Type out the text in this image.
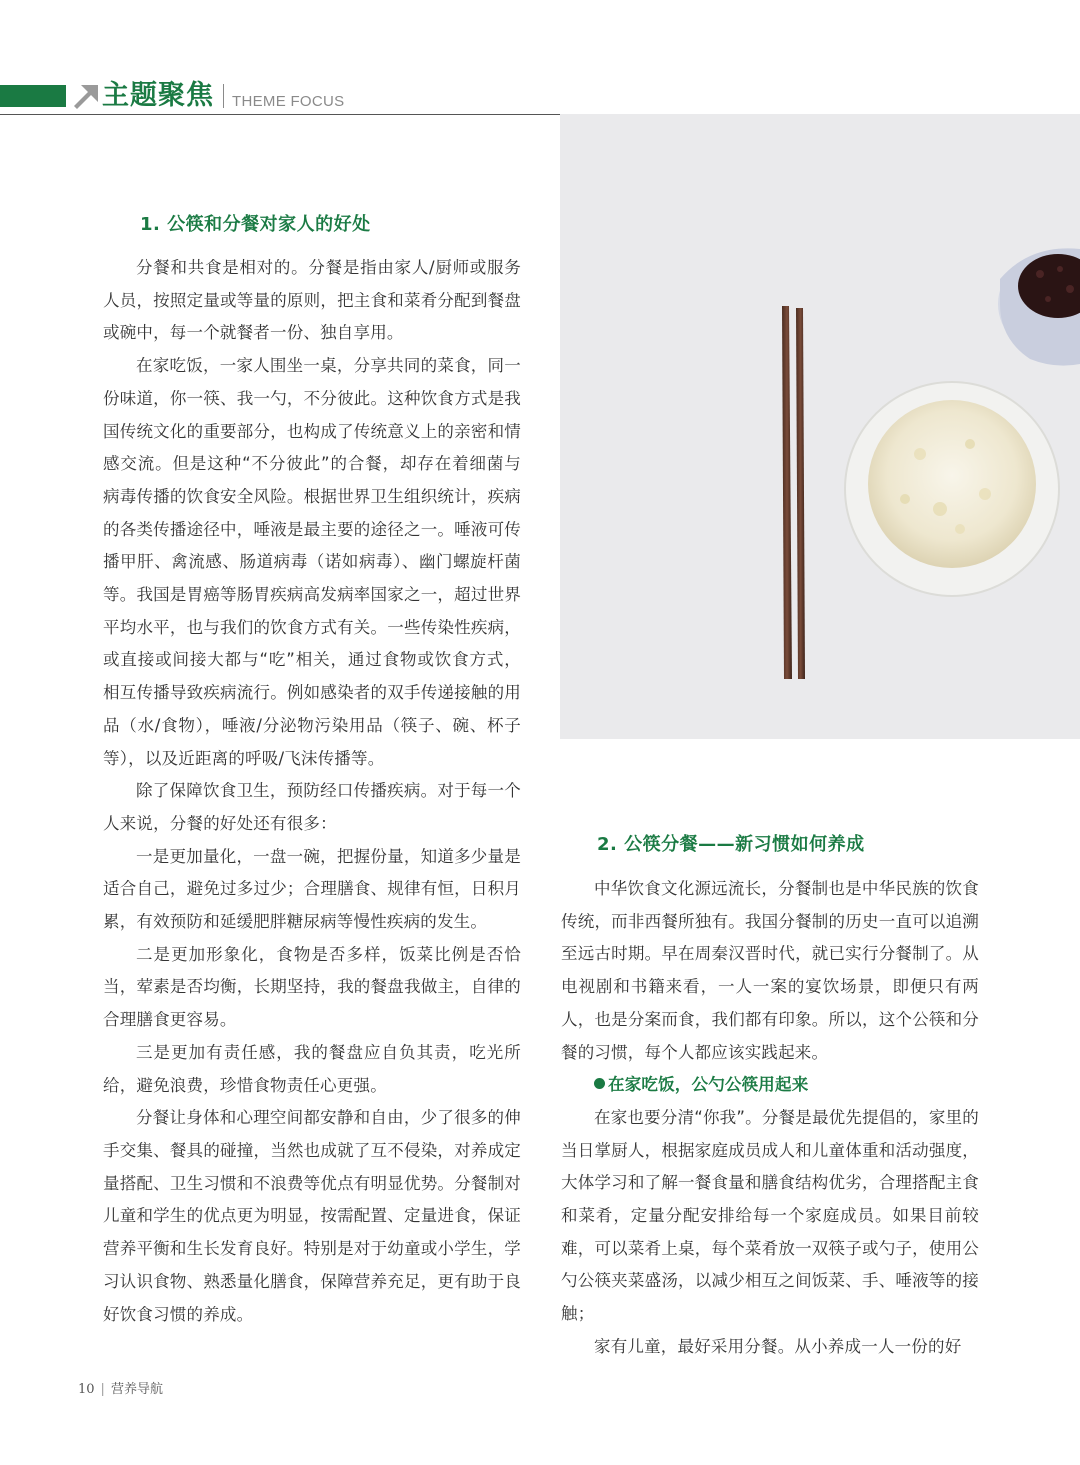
主题聚焦 THEME FOCUS
1. 公筷和分餐对家人的好处

分餐和共食是相对的。分餐是指由家人/厨师或服务人员，按照定量或等量的原则，把主食和菜肴分配到餐盘或碗中，每一个就餐者一份、独自享用。

在家吃饭，一家人围坐一桌，分享共同的菜食，同一份味道，你一筷、我一勺，不分彼此。这种饮食方式是我国传统文化的重要部分，也构成了传统意义上的亲密和情感交流。但是这种“不分彼此”的合餐，却存在着细菌与病毒传播的饮食安全风险。根据世界卫生组织统计，疾病的各类传播途径中，唾液是最主要的途径之一。唾液可传播甲肝、禽流感、肠道病毒（诺如病毒）、幽门螺旋杆菌等。我国是胃癌等肠胃疾病高发病率国家之一，超过世界平均水平，也与我们的饮食方式有关。一些传染性疾病，或直接或间接大都与“吃”相关，通过食物或饮食方式，相互传播导致疾病流行。例如感染者的双手传递接触的用品（水/食物），唾液/分泌物污染用品（筷子、碗、杯子等），以及近距离的呼吸/飞沫传播等。

除了保障饮食卫生，预防经口传播疾病。对于每一个人来说，分餐的好处还有很多：

一是更加量化，一盘一碗，把握份量，知道多少量是适合自己，避免过多过少；合理膳食、规律有恒，日积月累，有效预防和延缓肥胖糖尿病等慢性疾病的发生。

二是更加形象化，食物是否多样，饭菜比例是否恰当，荤素是否均衡，长期坚持，我的餐盘我做主，自律的合理膳食更容易。

三是更加有责任感，我的餐盘应自负其责，吃光所给，避免浪费，珍惜食物责任心更强。

分餐让身体和心理空间都安静和自由，少了很多的伸手交集、餐具的碰撞，当然也成就了互不侵染，对养成定量搭配、卫生习惯和不浪费等优点有明显优势。分餐制对儿童和学生的优点更为明显，按需配置、定量进食，保证营养平衡和生长发育良好。特别是对于幼童或小学生，学习认识食物、熟悉量化膳食，保障营养充足，更有助于良好饮食习惯的养成。

2. 公筷分餐——新习惯如何养成

中华饮食文化源远流长，分餐制也是中华民族的饮食传统，而非西餐所独有。我国分餐制的历史一直可以追溯至远古时期。早在周秦汉晋时代，就已实行分餐制了。从电视剧和书籍来看，一人一案的宴饮场景，即便只有两人，也是分案而食，我们都有印象。所以，这个公筷和分餐的习惯，每个人都应该实践起来。

在家吃饭，公勺公筷用起来

在家也要分清“你我”。分餐是最优先提倡的，家里的当日掌厨人，根据家庭成员成人和儿童体重和活动强度，大体学习和了解一餐食量和膳食结构优劣，合理搭配主食和菜肴，定量分配安排给每一个家庭成员。如果目前较难，可以菜肴上桌，每个菜肴放一双筷子或勺子，使用公勺公筷夹菜盛汤，以减少相互之间饭菜、手、唾液等的接触；

家有儿童，最好采用分餐。从小养成一人一份的好

10 | 营养导航
